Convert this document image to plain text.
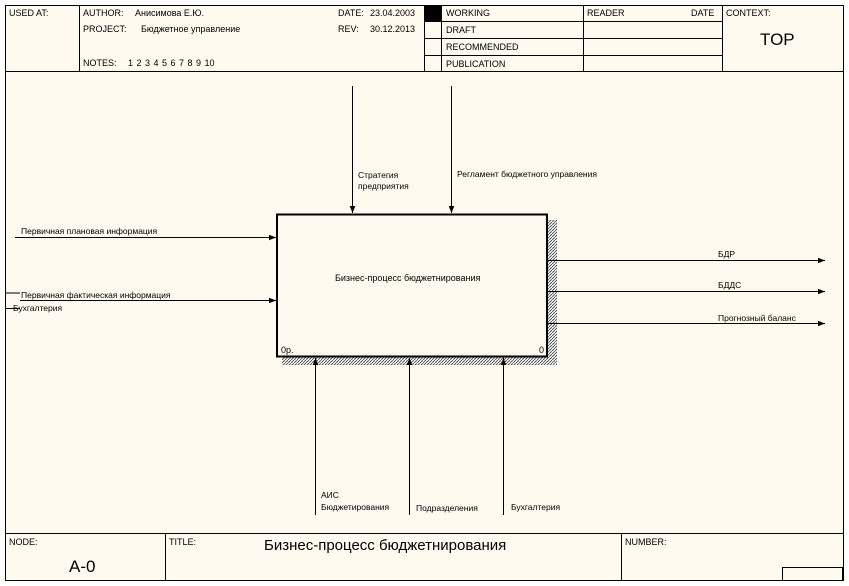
USED AT:	AUTHOR: Анисимова Е.Ю.
PROJECT: Бюджетное управление
NOTES: 1 2 3 4 5 6 7 8 9 10
DATE: 23.04.2003
REV: 30.12.2013
WORKING
DRAFT
RECOMMENDED
PUBLICATION
READER	DATE CONTEXT:
TOP
Бизнес-процесс бюджетнирования
0р.	0
Стратегия
предприятия
Регламент бюджетного управления
Первичная плановая информация
Первичная фактическая информация
Бухгалтерия
БДР
БДДС
Прогнозный баланс
АИС
Бюджетирования	Подразделения	Бухгалтерия
NODE:
A-0
TITLE:	Бизнес-процесс бюджетнирования	NUMBER:
